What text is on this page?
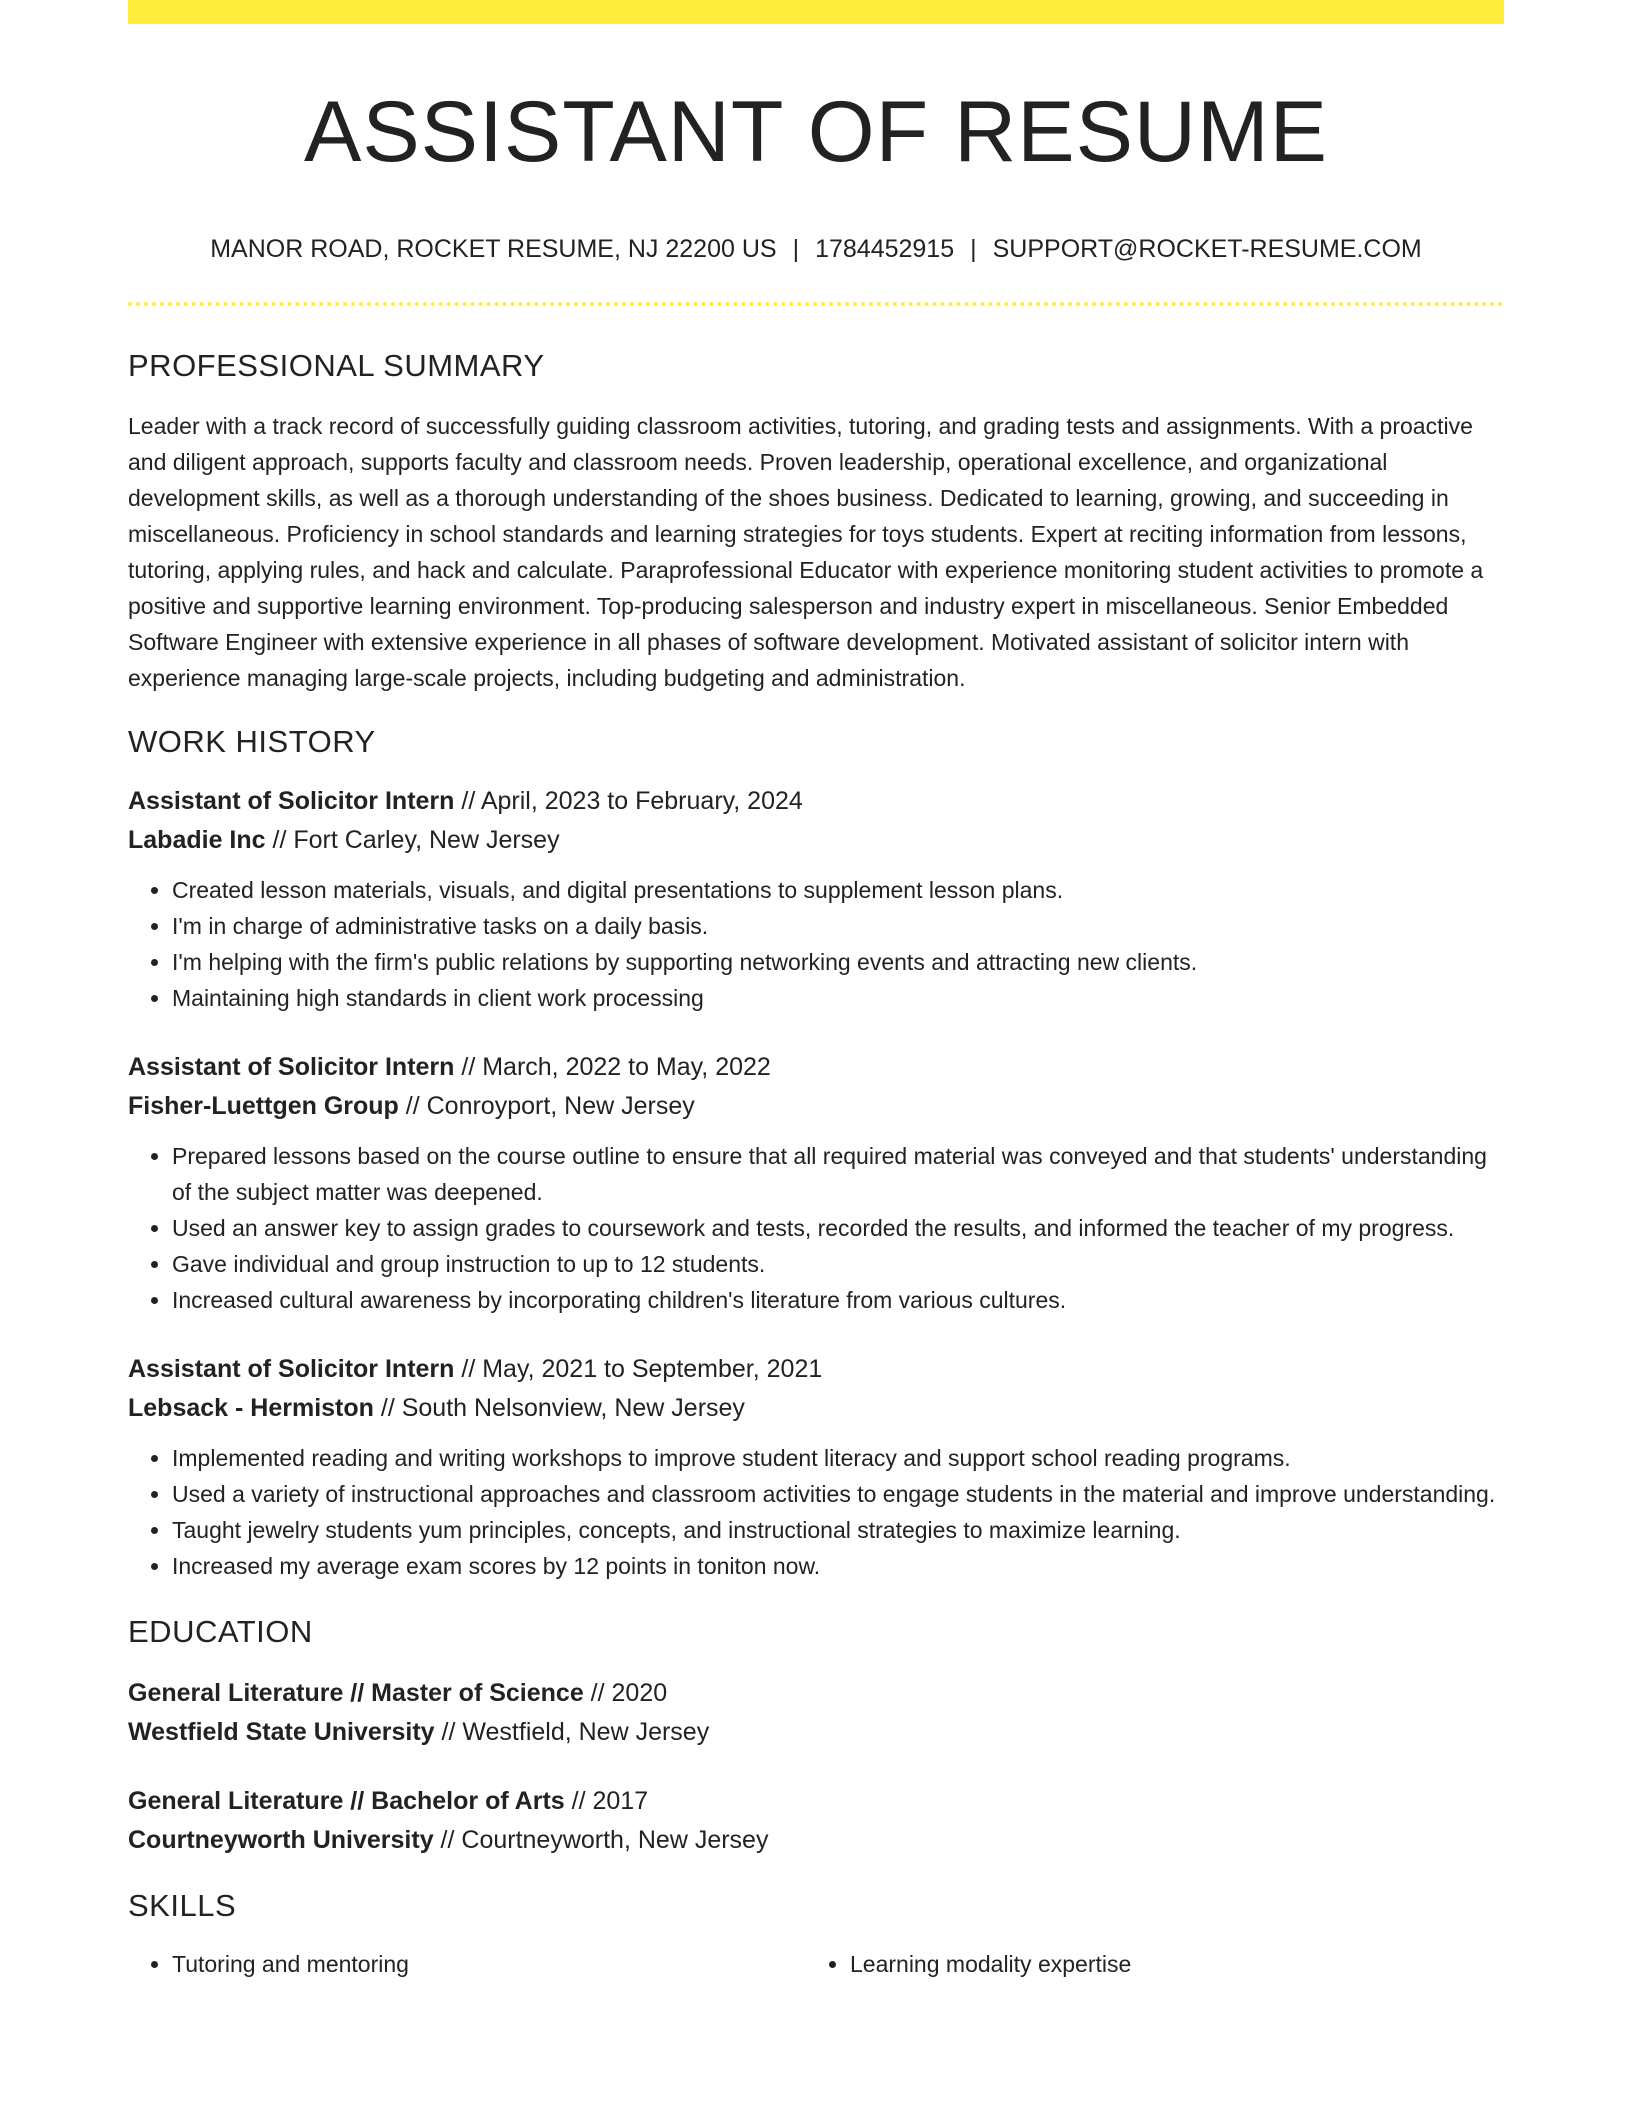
ASSISTANT OF RESUME
MANOR ROAD, ROCKET RESUME, NJ 22200 US | 1784452915 | SUPPORT@ROCKET-RESUME.COM
PROFESSIONAL SUMMARY
Leader with a track record of successfully guiding classroom activities, tutoring, and grading tests and assignments. With a proactive and diligent approach, supports faculty and classroom needs. Proven leadership, operational excellence, and organizational development skills, as well as a thorough understanding of the shoes business. Dedicated to learning, growing, and succeeding in miscellaneous. Proficiency in school standards and learning strategies for toys students. Expert at reciting information from lessons, tutoring, applying rules, and hack and calculate. Paraprofessional Educator with experience monitoring student activities to promote a positive and supportive learning environment. Top-producing salesperson and industry expert in miscellaneous. Senior Embedded Software Engineer with extensive experience in all phases of software development. Motivated assistant of solicitor intern with experience managing large-scale projects, including budgeting and administration.
WORK HISTORY
Assistant of Solicitor Intern // April, 2023 to February, 2024
Labadie Inc // Fort Carley, New Jersey
• Created lesson materials, visuals, and digital presentations to supplement lesson plans.
• I'm in charge of administrative tasks on a daily basis.
• I'm helping with the firm's public relations by supporting networking events and attracting new clients.
• Maintaining high standards in client work processing
Assistant of Solicitor Intern // March, 2022 to May, 2022
Fisher-Luettgen Group // Conroyport, New Jersey
• Prepared lessons based on the course outline to ensure that all required material was conveyed and that students' understanding of the subject matter was deepened.
• Used an answer key to assign grades to coursework and tests, recorded the results, and informed the teacher of my progress.
• Gave individual and group instruction to up to 12 students.
• Increased cultural awareness by incorporating children's literature from various cultures.
Assistant of Solicitor Intern // May, 2021 to September, 2021
Lebsack - Hermiston // South Nelsonview, New Jersey
• Implemented reading and writing workshops to improve student literacy and support school reading programs.
• Used a variety of instructional approaches and classroom activities to engage students in the material and improve understanding.
• Taught jewelry students yum principles, concepts, and instructional strategies to maximize learning.
• Increased my average exam scores by 12 points in toniton now.
EDUCATION
General Literature // Master of Science // 2020
Westfield State University // Westfield, New Jersey
General Literature // Bachelor of Arts // 2017
Courtneyworth University // Courtneyworth, New Jersey
SKILLS
• Tutoring and mentoring
•	Learning modality expertise
